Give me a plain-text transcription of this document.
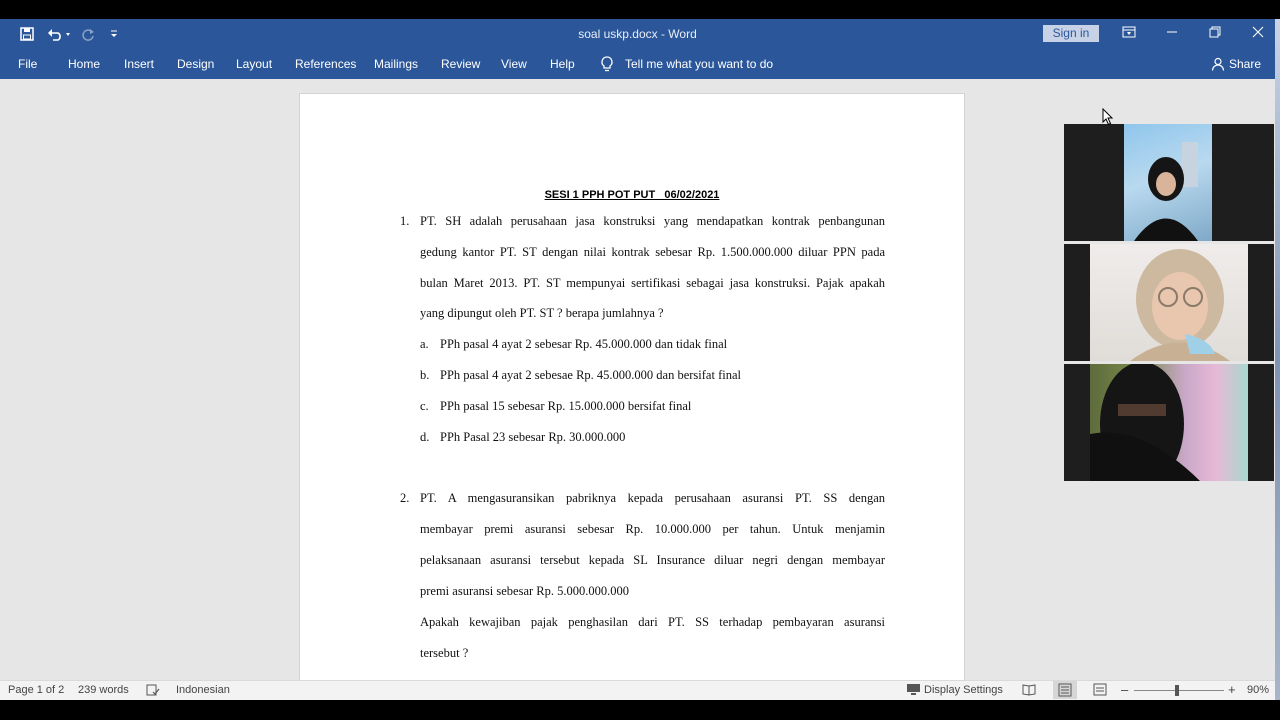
soal uskp.docx - Word	Sign in
File	Home Insert Design Layout References Mailings Review View Help	Tell me what you want to do	Share
SESI 1 PPH POT PUT _06/02/2021
1. PT. SH adalah perusahaan jasa konstruksi yang mendapatkan kontrak penbangunan
gedung kantor PT. ST dengan nilai kontrak sebesar Rp. 1.500.000.000 diluar PPN pada
bulan Maret 2013. PT. ST mempunyai sertifikasi sebagai jasa konstruksi. Pajak apakah
yang dipungut oleh PT. ST ? berapa jumlahnya ?
a. PPh pasal 4 ayat 2 sebesar Rp. 45.000.000 dan tidak final
b. PPh pasal 4 ayat 2 sebesae Rp. 45.000.000 dan bersifat final
c. PPh pasal 15 sebesar Rp. 15.000.000 bersifat final
d. PPh Pasal 23 sebesar Rp. 30.000.000
2. PT. A mengasuransikan pabriknya kepada perusahaan asuransi PT. SS dengan
membayar premi asuransi sebesar Rp. 10.000.000 per tahun. Untuk menjamin
pelaksanaan asuransi tersebut kepada SL Insurance diluar negri dengan membayar
premi asuransi sebesar Rp. 5.000.000.000
Apakah kewajiban pajak penghasilan dari PT. SS terhadap pembayaran asuransi
tersebut ?
Page 1 of 2 239 words	Indonesian	Display Settings	–	+ 90%
